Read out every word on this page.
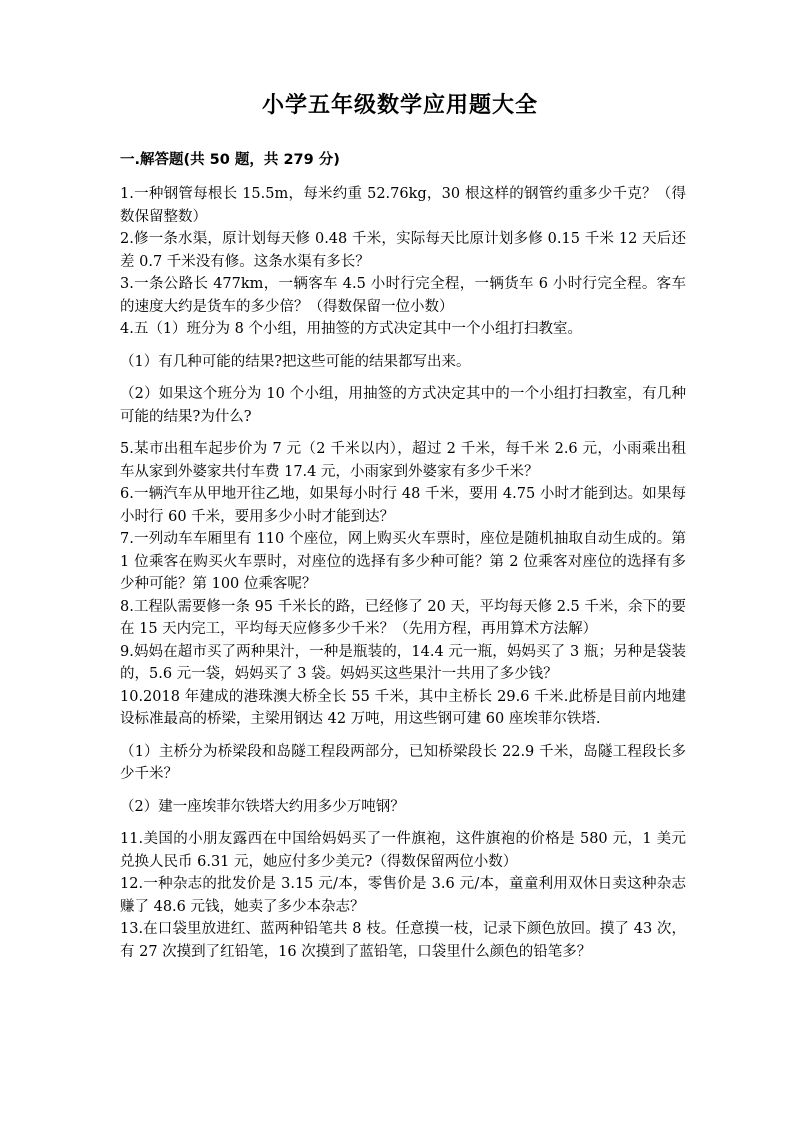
小学五年级数学应用题大全
一.解答题(共 50 题，共 279 分)

1.一种钢管每根长 15.5m，每米约重 52.76kg，30 根这样的钢管约重多少千克？（得数保留整数）

2.修一条水渠，原计划每天修 0.48 千米，实际每天比原计划多修 0.15 千米 12 天后还差 0.7 千米没有修。这条水渠有多长？

3.一条公路长 477km，一辆客车 4.5 小时行完全程，一辆货车 6 小时行完全程。客车的速度大约是货车的多少倍？（得数保留一位小数）

4.五（1）班分为 8 个小组，用抽签的方式决定其中一个小组打扫教室。

（1）有几种可能的结果?把这些可能的结果都写出来。

（2）如果这个班分为 10 个小组，用抽签的方式决定其中的一个小组打扫教室，有几种可能的结果?为什么?

5.某市出租车起步价为 7 元（2 千米以内），超过 2 千米，每千米 2.6 元，小雨乘出租车从家到外婆家共付车费 17.4 元，小雨家到外婆家有多少千米？

6.一辆汽车从甲地开往乙地，如果每小时行 48 千米，要用 4.75 小时才能到达。如果每小时行 60 千米，要用多少小时才能到达？

7.一列动车车厢里有 110 个座位，网上购买火车票时，座位是随机抽取自动生成的。第 1 位乘客在购买火车票时，对座位的选择有多少种可能？第 2 位乘客对座位的选择有多少种可能？第 100 位乘客呢？

8.工程队需要修一条 95 千米长的路，已经修了 20 天，平均每天修 2.5 千米，余下的要在 15 天内完工，平均每天应修多少千米？（先用方程，再用算术方法解）

9.妈妈在超市买了两种果汁，一种是瓶装的，14.4 元一瓶，妈妈买了 3 瓶；另种是袋装的，5.6 元一袋，妈妈买了 3 袋。妈妈买这些果汁一共用了多少钱？

10.2018 年建成的港珠澳大桥全长 55 千米，其中主桥长 29.6 千米.此桥是目前内地建设标准最高的桥梁，主梁用钢达 42 万吨，用这些钢可建 60 座埃菲尔铁塔.

（1）主桥分为桥梁段和岛隧工程段两部分，已知桥梁段长 22.9 千米，岛隧工程段长多少千米？

（2）建一座埃菲尔铁塔大约用多少万吨钢？

11.美国的小朋友露西在中国给妈妈买了一件旗袍，这件旗袍的价格是 580 元，1 美元兑换人民币 6.31 元，她应付多少美元?（得数保留两位小数）

12.一种杂志的批发价是 3.15 元/本，零售价是 3.6 元/本，童童利用双休日卖这种杂志赚了 48.6 元钱，她卖了多少本杂志？

13.在口袋里放进红、蓝两种铅笔共 8 枝。任意摸一枝，记录下颜色放回。摸了 43 次，有 27 次摸到了红铅笔，16 次摸到了蓝铅笔，口袋里什么颜色的铅笔多？
